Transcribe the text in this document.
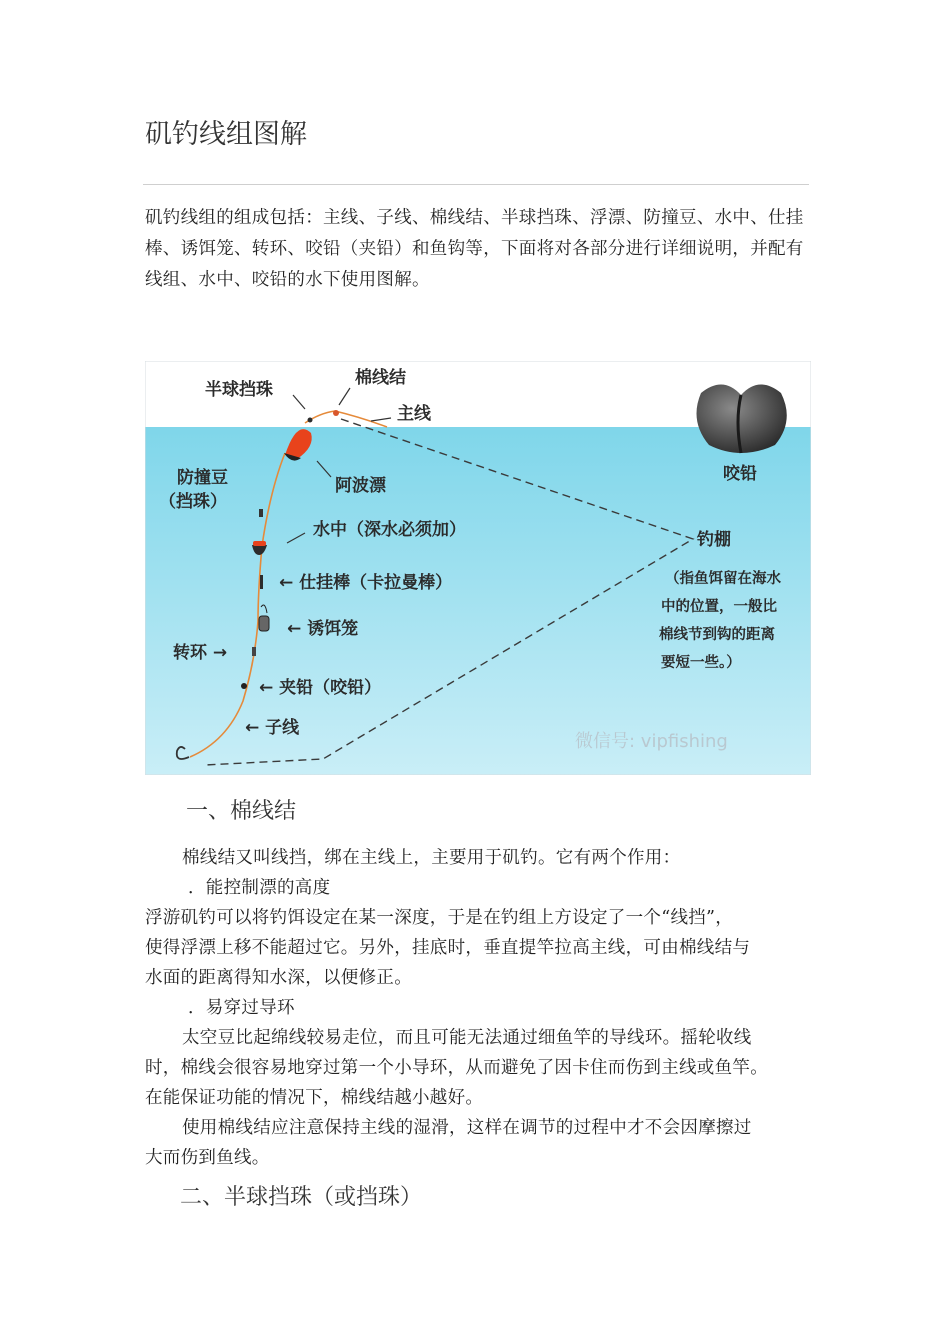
矶钓线组图解
矶钓线组的组成包括：主线、子线、棉线结、半球挡珠、浮漂、防撞豆、水中、仕挂棒、诱饵笼、转环、咬铅（夹铅）和鱼钩等，下面将对各部分进行详细说明，并配有线组、水中、咬铅的水下使用图解。
半球挡珠
棉线结
主线
防撞豆
（挡珠）
阿波漂
水中（深水必须加）
← 仕挂棒（卡拉曼棒）
← 诱饵笼
转环 →
← 夹铅（咬铅）
← 子线
咬铅
钓棚
（指鱼饵留在海水
中的位置，一般比
棉线节到钩的距离
要短一些。）
微信号: vipfishing
一、棉线结
棉线结又叫线挡，绑在主线上，主要用于矶钓。它有两个作用：
．能控制漂的高度
浮游矶钓可以将钓饵设定在某一深度，于是在钓组上方设定了一个“线挡”，
使得浮漂上移不能超过它。另外，挂底时，垂直提竿拉高主线，可由棉线结与
水面的距离得知水深，以便修正。
．易穿过导环
太空豆比起绵线较易走位，而且可能无法通过细鱼竿的导线环。摇轮收线
时，棉线会很容易地穿过第一个小导环，从而避免了因卡住而伤到主线或鱼竿。
在能保证功能的情况下，棉线结越小越好。
使用棉线结应注意保持主线的湿滑，这样在调节的过程中才不会因摩擦过
大而伤到鱼线。
二、半球挡珠（或挡珠）
